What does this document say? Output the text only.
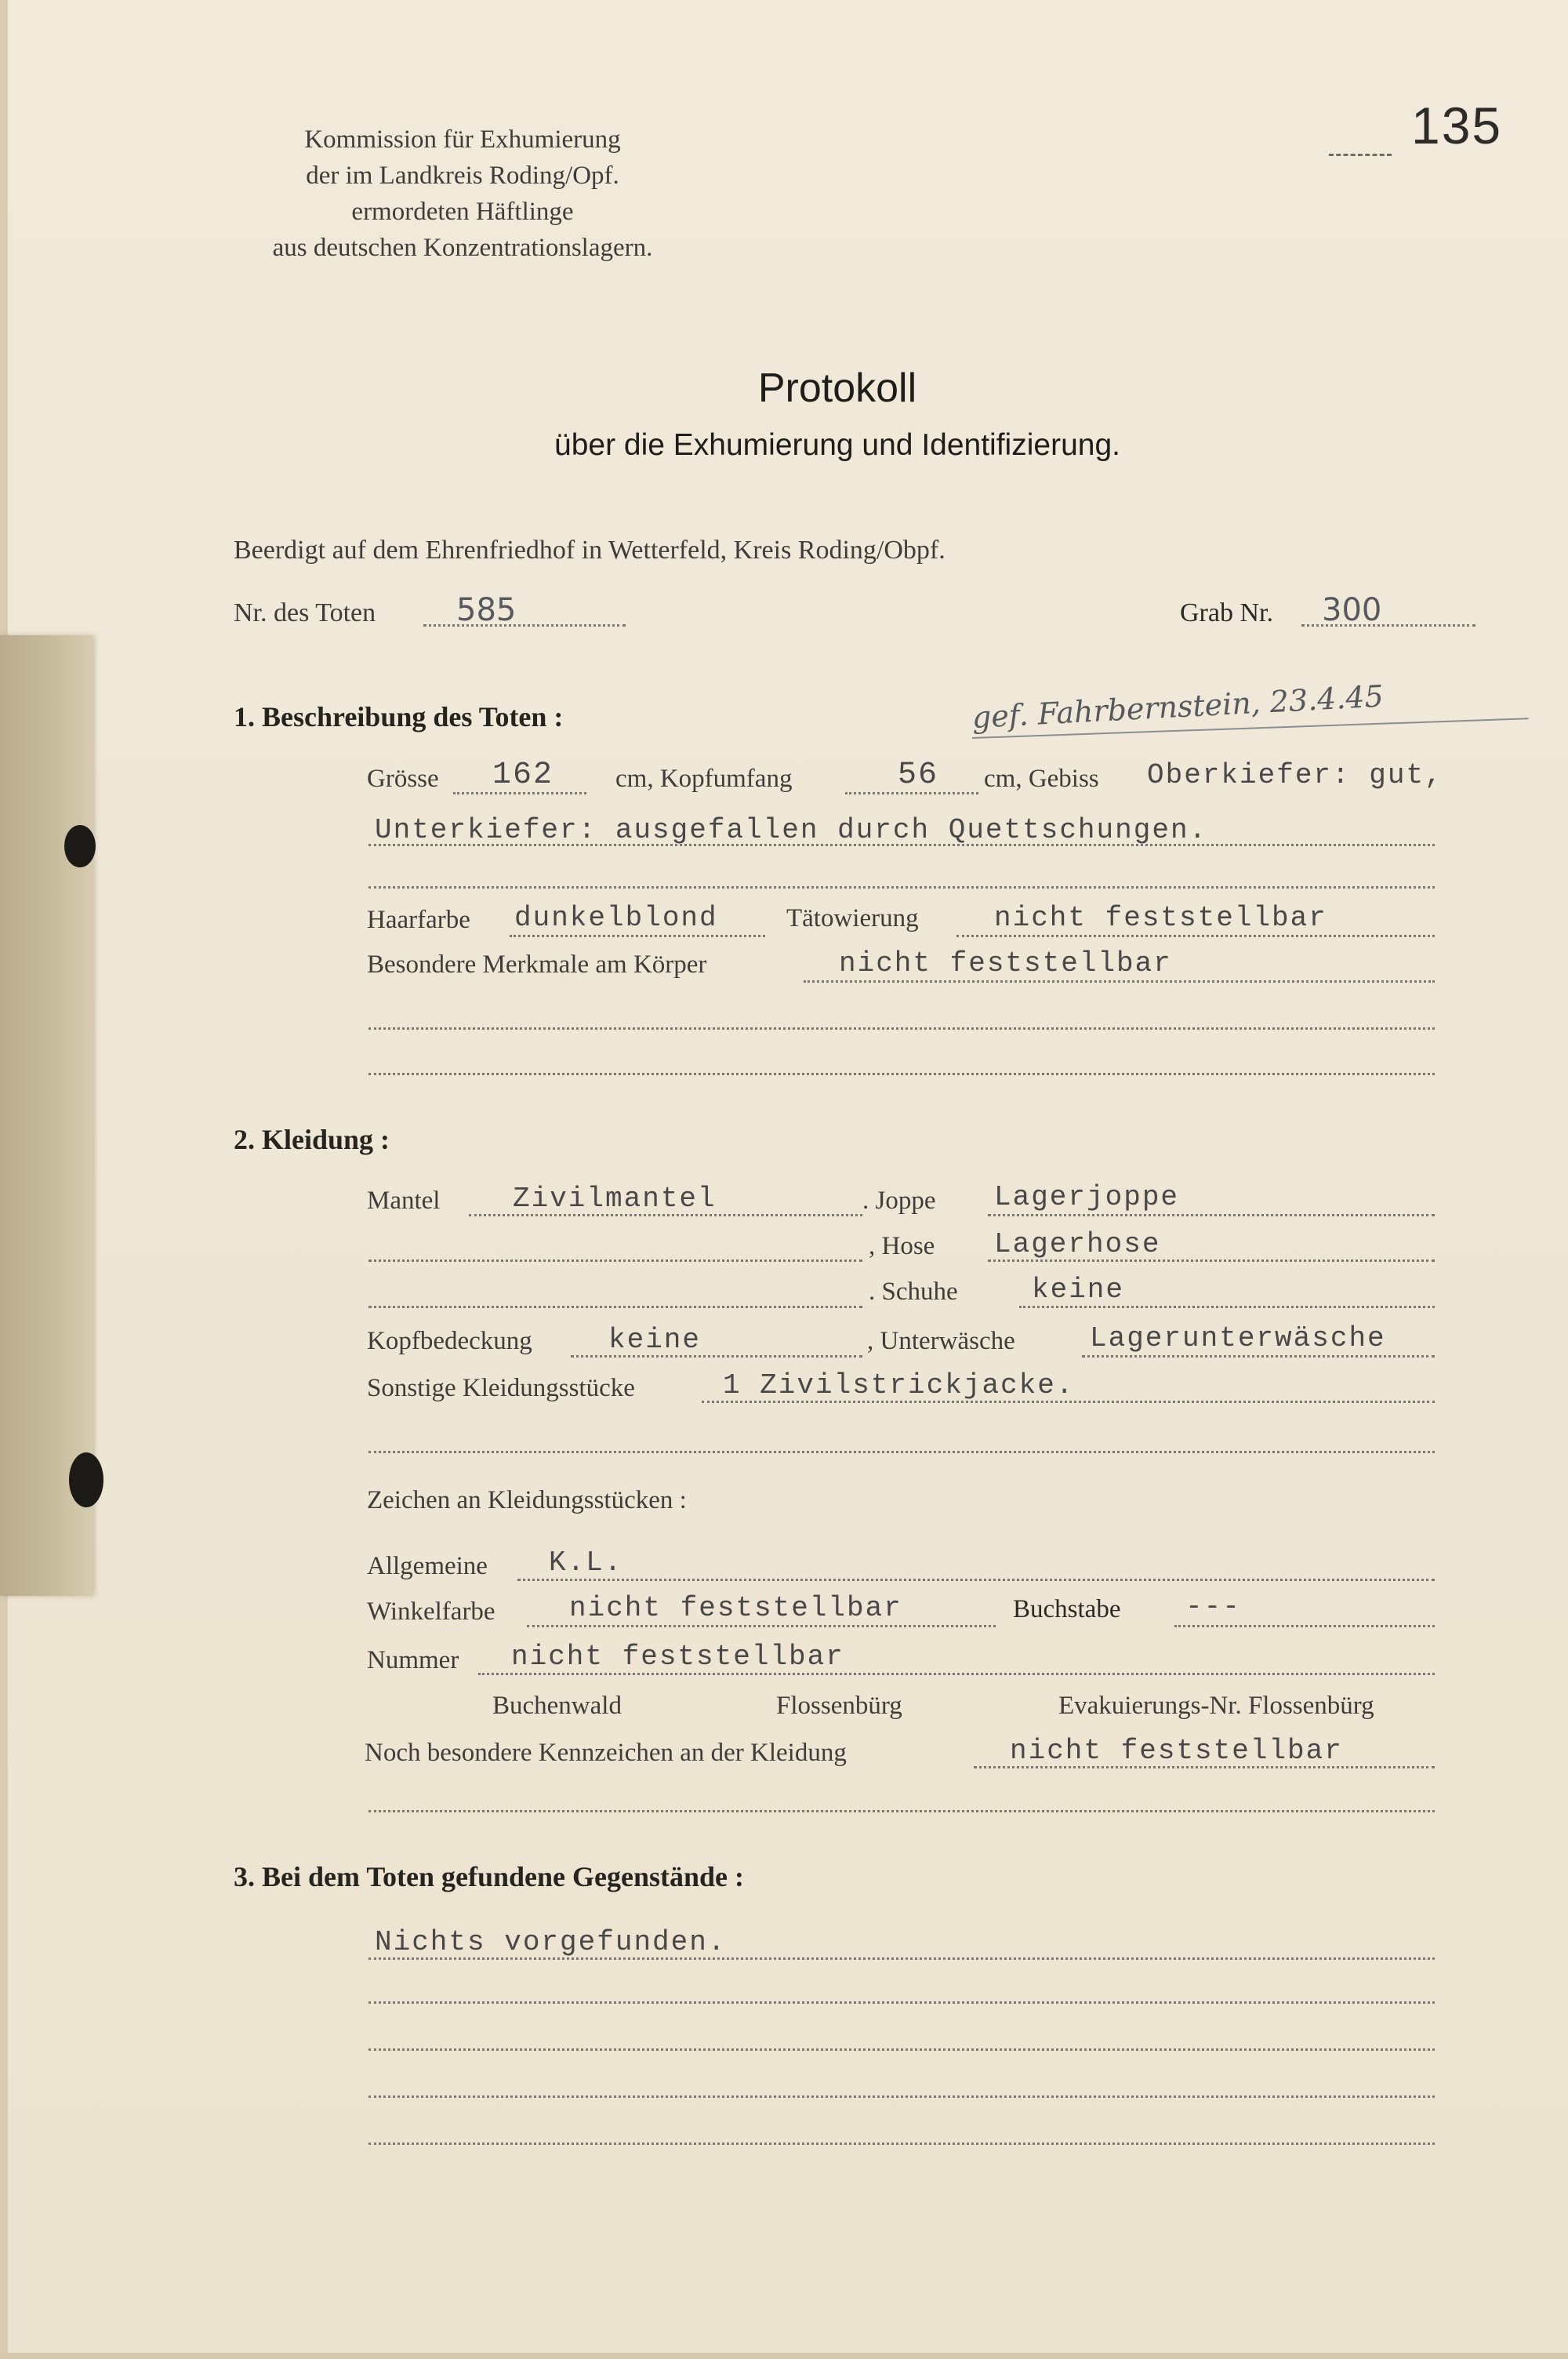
Kommission für Exhumierung
der im Landkreis Roding/Opf.
ermordeten Häftlinge
aus deutschen Konzentrationslagern.
135
Protokoll
über die Exhumierung und Identifizierung.
Beerdigt auf dem Ehrenfriedhof in Wetterfeld, Kreis Roding/Obpf.
Nr. des Toten	585	Grab Nr. 300
1. Beschreibung des Toten :	gef. Fahrbernstein, 23.4.45
Grösse 162 cm, Kopfumfang	56 cm, Gebiss Oberkiefer: gut,
Unterkiefer: ausgefallen durch Quettschungen.
Haarfarbe dunkelblond	Tätowierung	nicht feststellbar
Besondere Merkmale am Körper	nicht feststellbar
2. Kleidung :
Mantel	Zivilmantel	. Joppe Lagerjoppe
, Hose Lagerhose
. Schuhe	keine
Kopfbedeckung	keine	, Unterwäsche	Lagerunterwäsche
Sonstige Kleidungsstücke	1 Zivilstrickjacke.
Zeichen an Kleidungsstücken :
Allgemeine K.L.
Winkelfarbe	nicht feststellbar	Buchstabe ---
Nummer nicht feststellbar
Buchenwald	Flossenbürg	Evakuierungs-Nr. Flossenbürg
Noch besondere Kennzeichen an der Kleidung	nicht feststellbar
3. Bei dem Toten gefundene Gegenstände :
Nichts vorgefunden.
